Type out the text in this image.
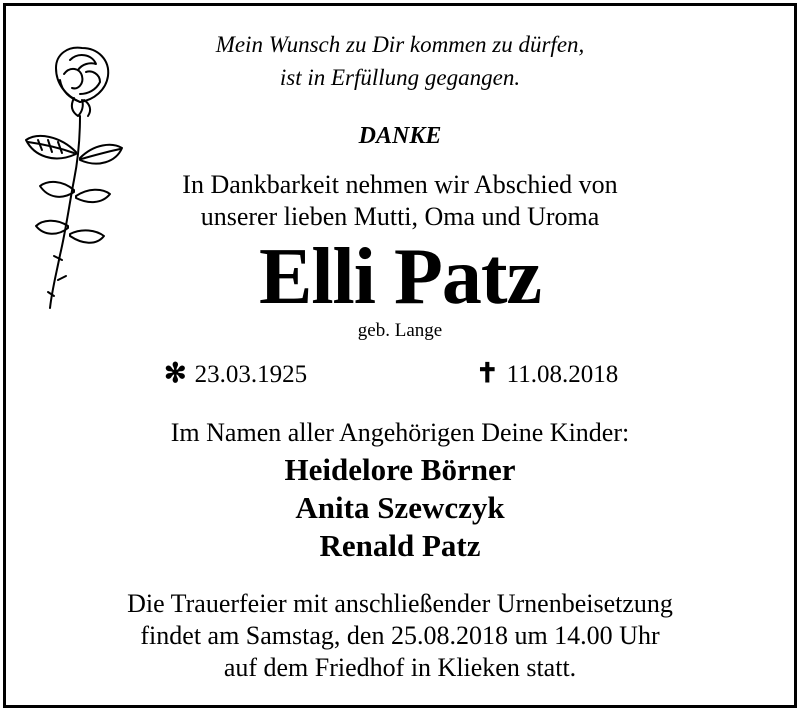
Mein Wunsch zu Dir kommen zu dürfen,
ist in Erfüllung gegangen.
DANKE
In Dankbarkeit nehmen wir Abschied von
unserer lieben Mutti, Oma und Uroma
Elli Patz
geb. Lange
✻ 23.03.1925	✝ 11.08.2018
Im Namen aller Angehörigen Deine Kinder:
Heidelore Börner
Anita Szewczyk
Renald Patz
Die Trauerfeier mit anschließender Urnenbeisetzung
findet am Samstag, den 25.08.2018 um 14.00 Uhr
auf dem Friedhof in Klieken statt.
